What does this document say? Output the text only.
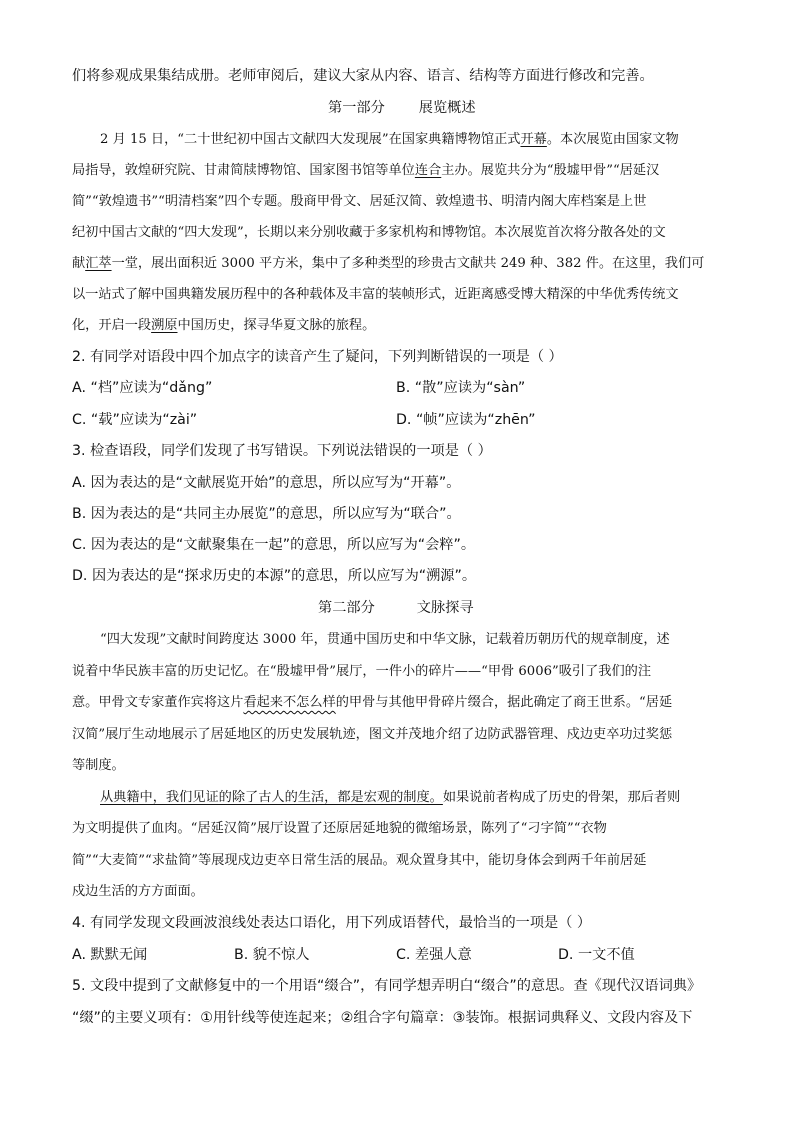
们将参观成果集结成册。老师审阅后，建议大家从内容、语言、结构等方面进行修改和完善。
第一部分 展览概述
2 月 15 日，“二十世纪初中国古文献四大发现展”在国家典籍博物馆正式开幕。本次展览由国家文物
局指导，敦煌研究院、甘肃简牍博物馆、国家图书馆等单位连合主办。展览共分为“殷墟甲骨”“居延汉
简”“敦煌遗书”“明清档案”四个专题。殷商甲骨文、居延汉简、敦煌遗书、明清内阁大库档案是上世
纪初中国古文献的“四大发现”，长期以来分别收藏于多家机构和博物馆。本次展览首次将分散各处的文
献汇萃一堂，展出面积近 3000 平方米，集中了多种类型的珍贵古文献共 249 种、382 件。在这里，我们可
以一站式了解中国典籍发展历程中的各种载体及丰富的装帧形式，近距离感受博大精深的中华优秀传统文
化，开启一段溯原中国历史，探寻华夏文脉的旅程。
2. 有同学对语段中四个加点字的读音产生了疑问，下列判断错误的一项是（ ）
A. “档”应读为“dǎng”	B. “散”应读为“sàn”
C. “载”应读为“zài”	D. “帧”应读为“zhēn”
3. 检查语段，同学们发现了书写错误。下列说法错误的一项是（ ）
A. 因为表达的是“文献展览开始”的意思，所以应写为“开幕”。
B. 因为表达的是“共同主办展览”的意思，所以应写为“联合”。
C. 因为表达的是“文献聚集在一起”的意思，所以应写为“会粹”。
D. 因为表达的是“探求历史的本源”的意思，所以应写为“溯源”。
第二部分	文脉探寻
“四大发现”文献时间跨度达 3000 年，贯通中国历史和中华文脉，记载着历朝历代的规章制度，述
说着中华民族丰富的历史记忆。在“殷墟甲骨”展厅，一件小的碎片——“甲骨 6006”吸引了我们的注
意。甲骨文专家董作宾将这片看起来不怎么样的甲骨与其他甲骨碎片缀合，据此确定了商王世系。“居延
汉简”展厅生动地展示了居延地区的历史发展轨迹，图文并茂地介绍了边防武器管理、戍边吏卒功过奖惩
等制度。
从典籍中，我们见证的除了古人的生活，都是宏观的制度。如果说前者构成了历史的骨架，那后者则
为文明提供了血肉。“居延汉简”展厅设置了还原居延地貌的微缩场景，陈列了“刁字简”“衣物
简”“大麦简”“求盐简”等展现戍边吏卒日常生活的展品。观众置身其中，能切身体会到两千年前居延
戍边生活的方方面面。
4. 有同学发现文段画波浪线处表达口语化，用下列成语替代，最恰当的一项是（ ）
A. 默默无闻	B. 貌不惊人	C. 差强人意	D. 一文不值
5. 文段中提到了文献修复中的一个用语“缀合”，有同学想弄明白“缀合”的意思。查《现代汉语词典》
“缀”的主要义项有：①用针线等使连起来；②组合字句篇章：③装饰。根据词典释义、文段内容及下
